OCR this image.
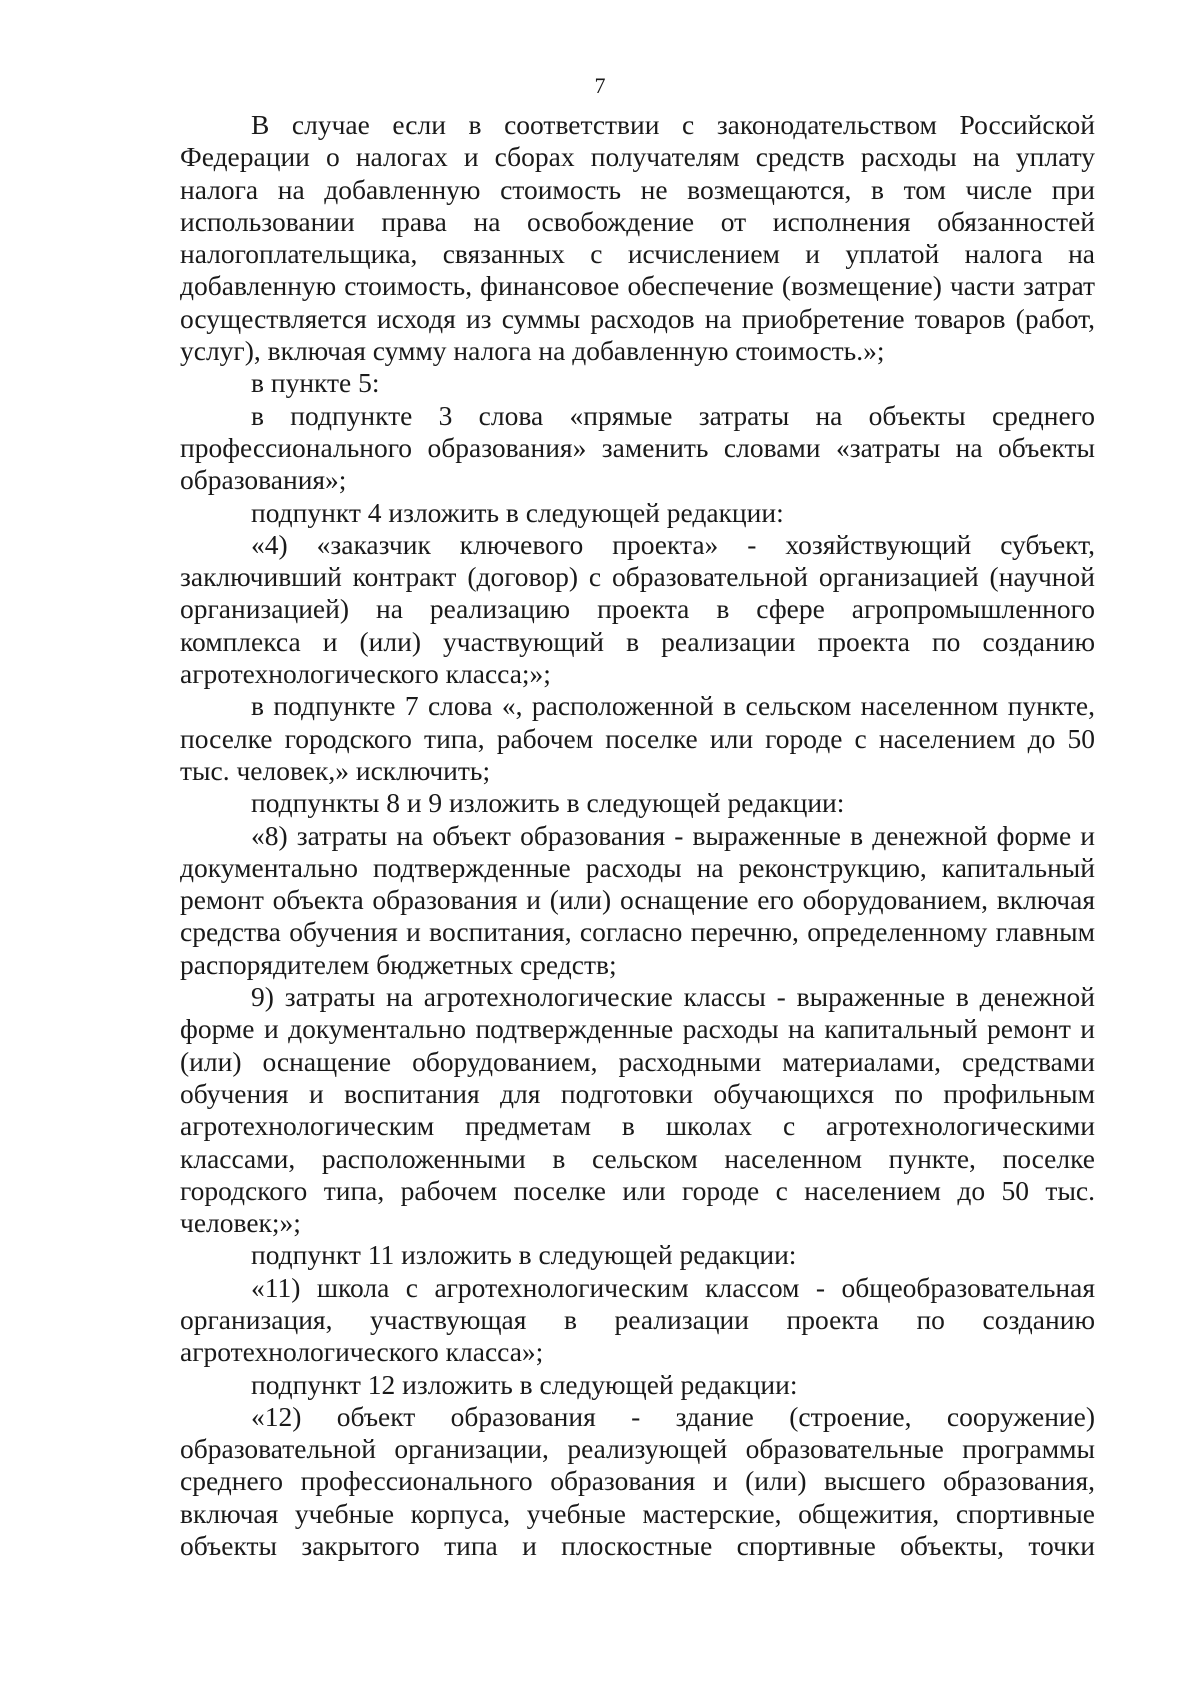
7

В случае если в соответствии с законодательством Российской Федерации о налогах и сборах получателям средств расходы на уплату налога на добавленную стоимость не возмещаются, в том числе при использовании права на освобождение от исполнения обязанностей налогоплательщика, связанных с исчислением и уплатой налога на добавленную стоимость, финансовое обеспечение (возмещение) части затрат осуществляется исходя из суммы расходов на приобретение товаров (работ, услуг), включая сумму налога на добавленную стоимость.»;

в пункте 5:

в подпункте 3 слова «прямые затраты на объекты среднего профессионального образования» заменить словами «затраты на объекты образования»;

подпункт 4 изложить в следующей редакции:

«4) «заказчик ключевого проекта» - хозяйствующий субъект, заключивший контракт (договор) с образовательной организацией (научной организацией) на реализацию проекта в сфере агропромышленного комплекса и (или) участвующий в реализации проекта по созданию агротехнологического класса;»;

в подпункте 7 слова «, расположенной в сельском населенном пункте, поселке городского типа, рабочем поселке или городе с населением до 50 тыс. человек,» исключить;

подпункты 8 и 9 изложить в следующей редакции:

«8) затраты на объект образования - выраженные в денежной форме и документально подтвержденные расходы на реконструкцию, капитальный ремонт объекта образования и (или) оснащение его оборудованием, включая средства обучения и воспитания, согласно перечню, определенному главным распорядителем бюджетных средств;

9) затраты на агротехнологические классы - выраженные в денежной форме и документально подтвержденные расходы на капитальный ремонт и (или) оснащение оборудованием, расходными материалами, средствами обучения и воспитания для подготовки обучающихся по профильным агротехнологическим предметам в школах с агротехнологическими классами, расположенными в сельском населенном пункте, поселке городского типа, рабочем поселке или городе с населением до 50 тыс. человек;»;

подпункт 11 изложить в следующей редакции:

«11) школа с агротехнологическим классом - общеобразовательная организация, участвующая в реализации проекта по созданию агротехнологического класса»;

подпункт 12 изложить в следующей редакции:

«12) объект образования - здание (строение, сооружение) образовательной организации, реализующей образовательные программы среднего профессионального образования и (или) высшего образования, включая учебные корпуса, учебные мастерские, общежития, спортивные объекты закрытого типа и плоскостные спортивные объекты, точки
